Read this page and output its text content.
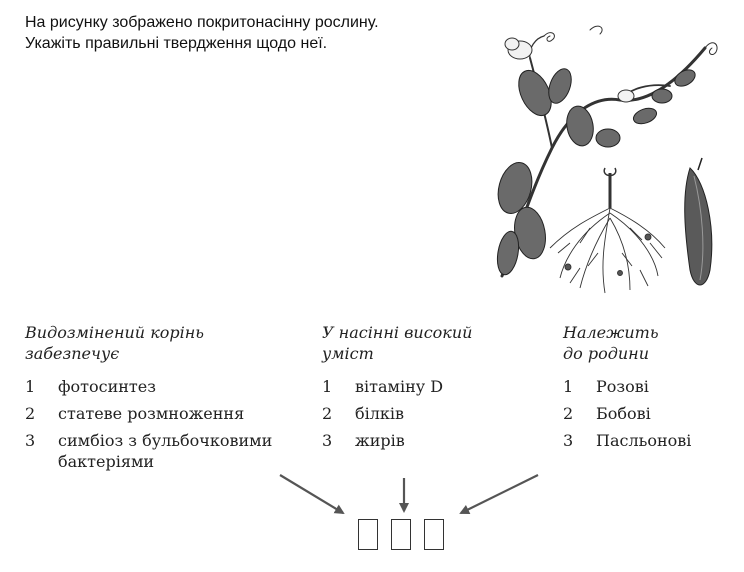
На рисунку зображено покритонасінну рослину.
Укажіть правильні твердження щодо неї.
Видозмінений корінь
забезпечує
1 фотосинтез
2 статеве розмноження
3 симбіоз з бульбочковими
бактеріями
У насінні високий
уміст
1 вітаміну D
2 білків
3 жирів
Належить
до родини
1 Розові
2 Бобові
3 Пасльонові
